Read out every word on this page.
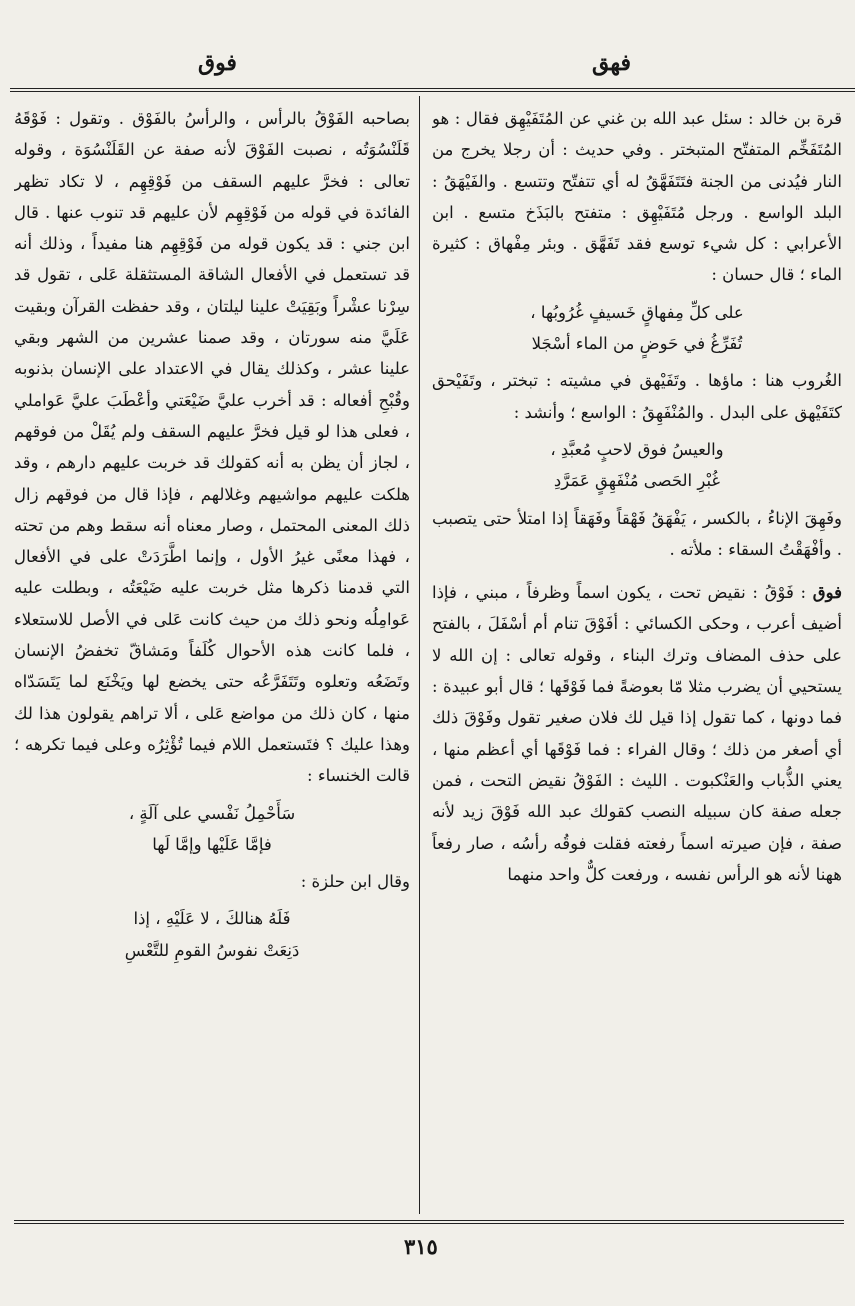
فهق
فوق

قرة بن خالد : سئل عبد الله بن غني عن المُتَفَيْهِق فقال : هو المُتَفَخِّم المتفتّح المتبختر . وفي حديث : أن رجلا يخرج من النار فيُدنى من الجنة فتَتَفَهَّقُ له أي تتفتّح وتتسع . والفَيْهَقُ : البلد الواسع . ورجل مُتَفَيْهِق : متفتح بالبَذَخ متسع . ابن الأعرابي : كل شيء توسع فقد تَفَهَّق . وبئر مِفْهاق : كثيرة الماء ؛ قال حسان :

على كلِّ مِفهاقٍ خَسيفٍ غُرُوبُها ،
تُفَرِّغُ في حَوضٍ من الماء أسْجَلا

الغُروب هنا : ماؤها . وتَفَيْهق في مشيته : تبختر ، وتَفَيْحق كتَفَيْهق على البدل . والمُنْفَهِقُ : الواسع ؛ وأنشد :

والعيسُ فوق لاحبٍ مُعبَّدِ ،
غُبْرِ الحَصى مُنْفَهِقٍ عَمَرَّدِ

وفَهِقَ الإناءُ ، بالكسر ، يَفْهَقُ فَهْقاً وفَهَقاً إذا امتلأ حتى يتصبب . وأفْهَقْتُ السقاء : ملأته .

فوق : فَوْقُ : نقيض تحت ، يكون اسماً وظرفاً ، مبني ، فإذا أضيف أعرب ، وحكى الكسائي : أفَوْقَ تنام أم أسْفَلَ ، بالفتح على حذف المضاف وترك البناء ، وقوله تعالى : إن الله لا يستحيي أن يضرب مثلا مّا بعوضةً فما فَوْقَها ؛ قال أبو عبيدة : فما دونها ، كما تقول إذا قيل لك فلان صغير تقول وفَوْقَ ذلك أي أصغر من ذلك ؛ وقال الفراء : فما فَوْقَها أي أعظم منها ، يعني الذُّباب والعَنْكبوت . الليث : الفَوْقُ نقيض التحت ، فمن جعله صفة كان سبيله النصب كقولك عبد الله فَوْقَ زيد لأنه صفة ، فإن صيرته اسماً رفعته فقلت فوقُه رأسُه ، صار رفعاً ههنا لأنه هو الرأس نفسه ، ورفعت كلٌّ واحد منهما

بصاحبه الفَوْقُ بالرأس ، والرأسُ بالفَوْق . وتقول : فَوْقَهُ قَلَنْسُوَتُه ، نصبت الفَوْقَ لأنه صفة عن القَلَنْسُوَة ، وقوله تعالى : فخرَّ عليهم السقف من فَوْقِهِم ، لا تكاد تظهر الفائدة في قوله من فَوْقِهِم لأن عليهم قد تنوب عنها . قال ابن جني : قد يكون قوله من فَوْقِهِم هنا مفيداً ، وذلك أنه قد تستعمل في الأفعال الشاقة المستثقلة عَلى ، تقول قد سِرْنا عشْراً وبَقِيَتْ علينا ليلتان ، وقد حفظت القرآن وبقيت عَلَيَّ منه سورتان ، وقد صمنا عشرين من الشهر وبقي علينا عشر ، وكذلك يقال في الاعتداد على الإنسان بذنوبه وقُبْحِ أفعاله : قد أخرب عليَّ ضَيْعَتي وأعْطَبَ عليَّ عَواملي ، فعلى هذا لو قيل فخرَّ عليهم السقف ولم يُقَلْ من فوقهم ، لجاز أن يظن به أنه كقولك قد خربت عليهم دارهم ، وقد هلكت عليهم مواشيهم وغلالهم ، فإذا قال من فوقهم زال ذلك المعنى المحتمل ، وصار معناه أنه سقط وهم من تحته ، فهذا معنًى غيرُ الأول ، وإنما اطَّرَدَتْ على في الأفعال التي قدمنا ذكرها مثل خربت عليه ضَيْعَتُه ، وبطلت عليه عَوامِلُه ونحو ذلك من حيث كانت عَلى في الأصل للاستعلاء ، فلما كانت هذه الأحوال كُلَفاً ومَشاقّ تخفضُ الإنسان وتَضَعُه وتعلوه وتَتَفَرَّعُه حتى يخضع لها ويَخْنَع لما يَتَسَدّاه منها ، كان ذلك من مواضع عَلى ، ألا تراهم يقولون هذا لك وهذا عليك ؟ فتَستعمل اللام فيما تُؤْثِرُه وعلى فيما تكرهه ؛ قالت الخنساء :

سَأَحْمِلُ نَفْسي على آلَةٍ ،
فإمَّا عَلَيْها وإمَّا لَها

وقال ابن حلزة :

فَلَهُ هنالكَ ، لا عَلَيْهِ ، إذا
دَنِعَتْ نفوسُ القومِ للتَّعْسِ
٣١٥
